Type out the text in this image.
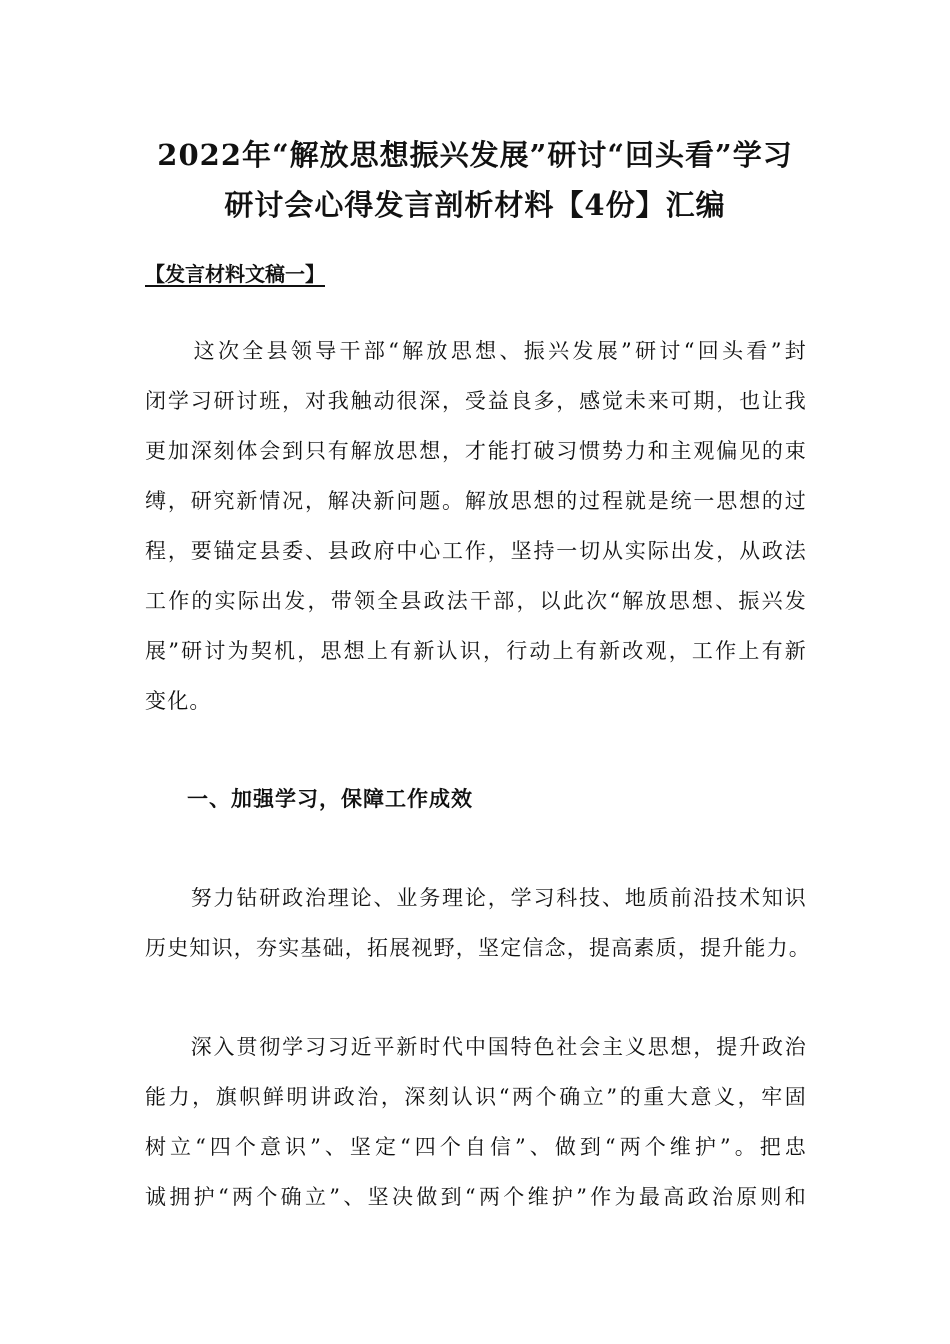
2022年“解放思想振兴发展”研讨“回头看”学习
研讨会心得发言剖析材料【4份】汇编
【发言材料文稿一】
　　这次全县领导干部“解放思想、振兴发展”研讨“回头看”封
闭学习研讨班，对我触动很深，受益良多，感觉未来可期，也让我
更加深刻体会到只有解放思想，才能打破习惯势力和主观偏见的束
缚，研究新情况，解决新问题。解放思想的过程就是统一思想的过
程，要锚定县委、县政府中心工作，坚持一切从实际出发，从政法
工作的实际出发，带领全县政法干部，以此次“解放思想、振兴发
展”研讨为契机，思想上有新认识，行动上有新改观，工作上有新
变化。
一、加强学习，保障工作成效
　　努力钻研政治理论、业务理论，学习科技、地质前沿技术知识
历史知识，夯实基础，拓展视野，坚定信念，提高素质，提升能力。
　　深入贯彻学习习近平新时代中国特色社会主义思想，提升政治
能力，旗帜鲜明讲政治，深刻认识“两个确立”的重大意义，牢固
树立“四个意识”、坚定“四个自信”、做到“两个维护”。把忠
诚拥护“两个确立”、坚决做到“两个维护”作为最高政治原则和
